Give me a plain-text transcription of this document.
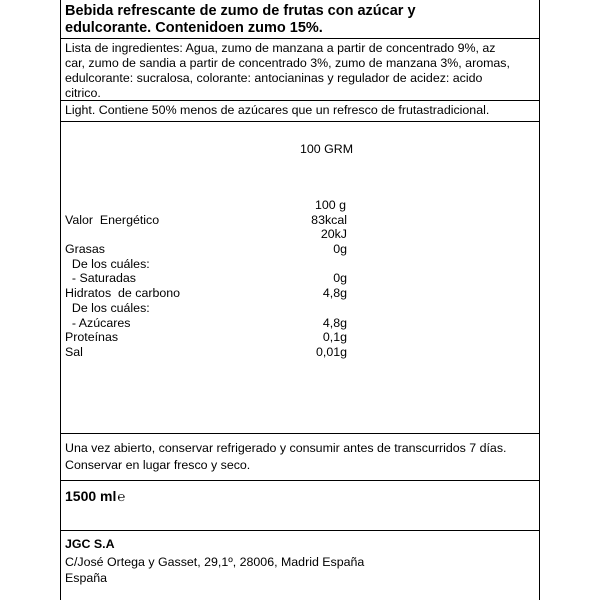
Bebida refrescante de zumo de frutas con azúcar y
edulcorante. Contenidoen zumo 15%.
Lista de ingredientes: Agua, zumo de manzana a partir de concentrado 9%, az
car, zumo de sandia a partir de concentrado 3%, zumo de manzana 3%, aromas,
edulcorante: sucralosa, colorante: antocianinas y regulador de acidez: acido
citrico.
Light. Contiene 50% menos de azúcares que un refresco de frutastradicional.
100 GRM
100 g
Valor  Energético	83kcal
20kJ
Grasas	0g
De los cuáles:
- Saturadas	0g
Hidratos  de carbono	4,8g
De los cuáles:
- Azúcares	4,8g
Proteínas	0,1g
Sal	0,01g
Una vez abierto, conservar refrigerado y consumir antes de transcurridos 7 días.
Conservar en lugar fresco y seco.
1500 ml℮
JGC S.A
C/José Ortega y Gasset, 29,1º, 28006, Madrid España
España
